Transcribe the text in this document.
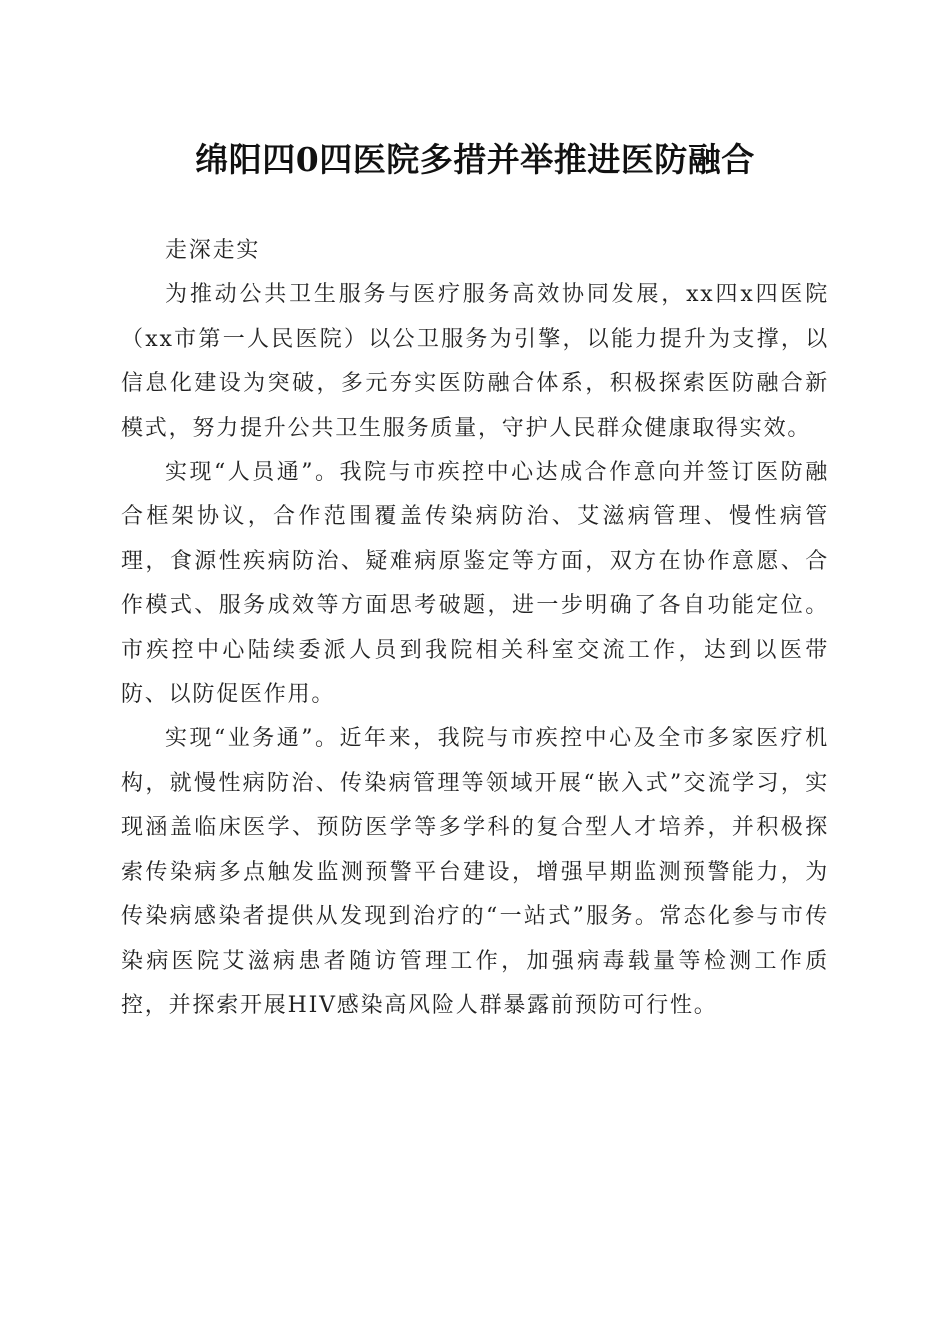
绵阳四0四医院多措并举推进医防融合

走深走实

为推动公共卫生服务与医疗服务高效协同发展，xx四x四医院（xx市第一人民医院）以公卫服务为引擎，以能力提升为支撑，以信息化建设为突破，多元夯实医防融合体系，积极探索医防融合新模式，努力提升公共卫生服务质量，守护人民群众健康取得实效。

实现“人员通”。我院与市疾控中心达成合作意向并签订医防融合框架协议，合作范围覆盖传染病防治、艾滋病管理、慢性病管理，食源性疾病防治、疑难病原鉴定等方面，双方在协作意愿、合作模式、服务成效等方面思考破题，进一步明确了各自功能定位。市疾控中心陆续委派人员到我院相关科室交流工作，达到以医带防、以防促医作用。

实现“业务通”。近年来，我院与市疾控中心及全市多家医疗机构，就慢性病防治、传染病管理等领域开展“嵌入式”交流学习，实现涵盖临床医学、预防医学等多学科的复合型人才培养，并积极探索传染病多点触发监测预警平台建设，增强早期监测预警能力，为传染病感染者提供从发现到治疗的“一站式”服务。常态化参与市传染病医院艾滋病患者随访管理工作，加强病毒载量等检测工作质控，并探索开展HIV感染高风险人群暴露前预防可行性。
